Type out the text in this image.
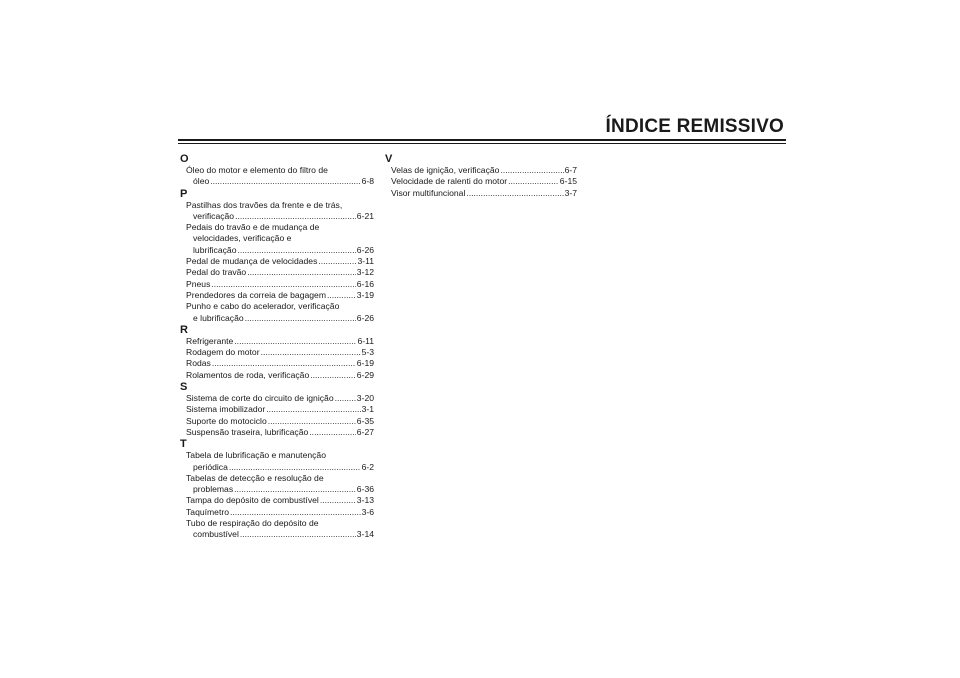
ÍNDICE REMISSIVO
O
Óleo do motor e elemento do filtro de
óleo .....	6-8
P
Pastilhas dos travões da frente e de trás,
verificação .....	6-21
Pedais do travão e de mudança de
velocidades, verificação e
lubrificação .....	6-26
Pedal de mudança de velocidades .....	3-11
Pedal do travão .....	3-12
Pneus .....	6-16
Prendedores da correia de bagagem .....	3-19
Punho e cabo do acelerador, verificação
e lubrificação .....	6-26
R
Refrigerante .....	6-11
Rodagem do motor .....	5-3
Rodas .....	6-19
Rolamentos de roda, verificação .....	6-29
S
Sistema de corte do circuito de ignição .....	3-20
Sistema imobilizador .....	3-1
Suporte do motociclo .....	6-35
Suspensão traseira, lubrificação .....	6-27
T
Tabela de lubrificação e manutenção
periódica .....	6-2
Tabelas de detecção e resolução de
problemas .....	6-36
Tampa do depósito de combustível .....	3-13
Taquímetro .....	3-6
Tubo de respiração do depósito de
combustível .....	3-14
V
Velas de ignição, verificação .....	6-7
Velocidade de ralenti do motor .....	6-15
Visor multifuncional .....	3-7
